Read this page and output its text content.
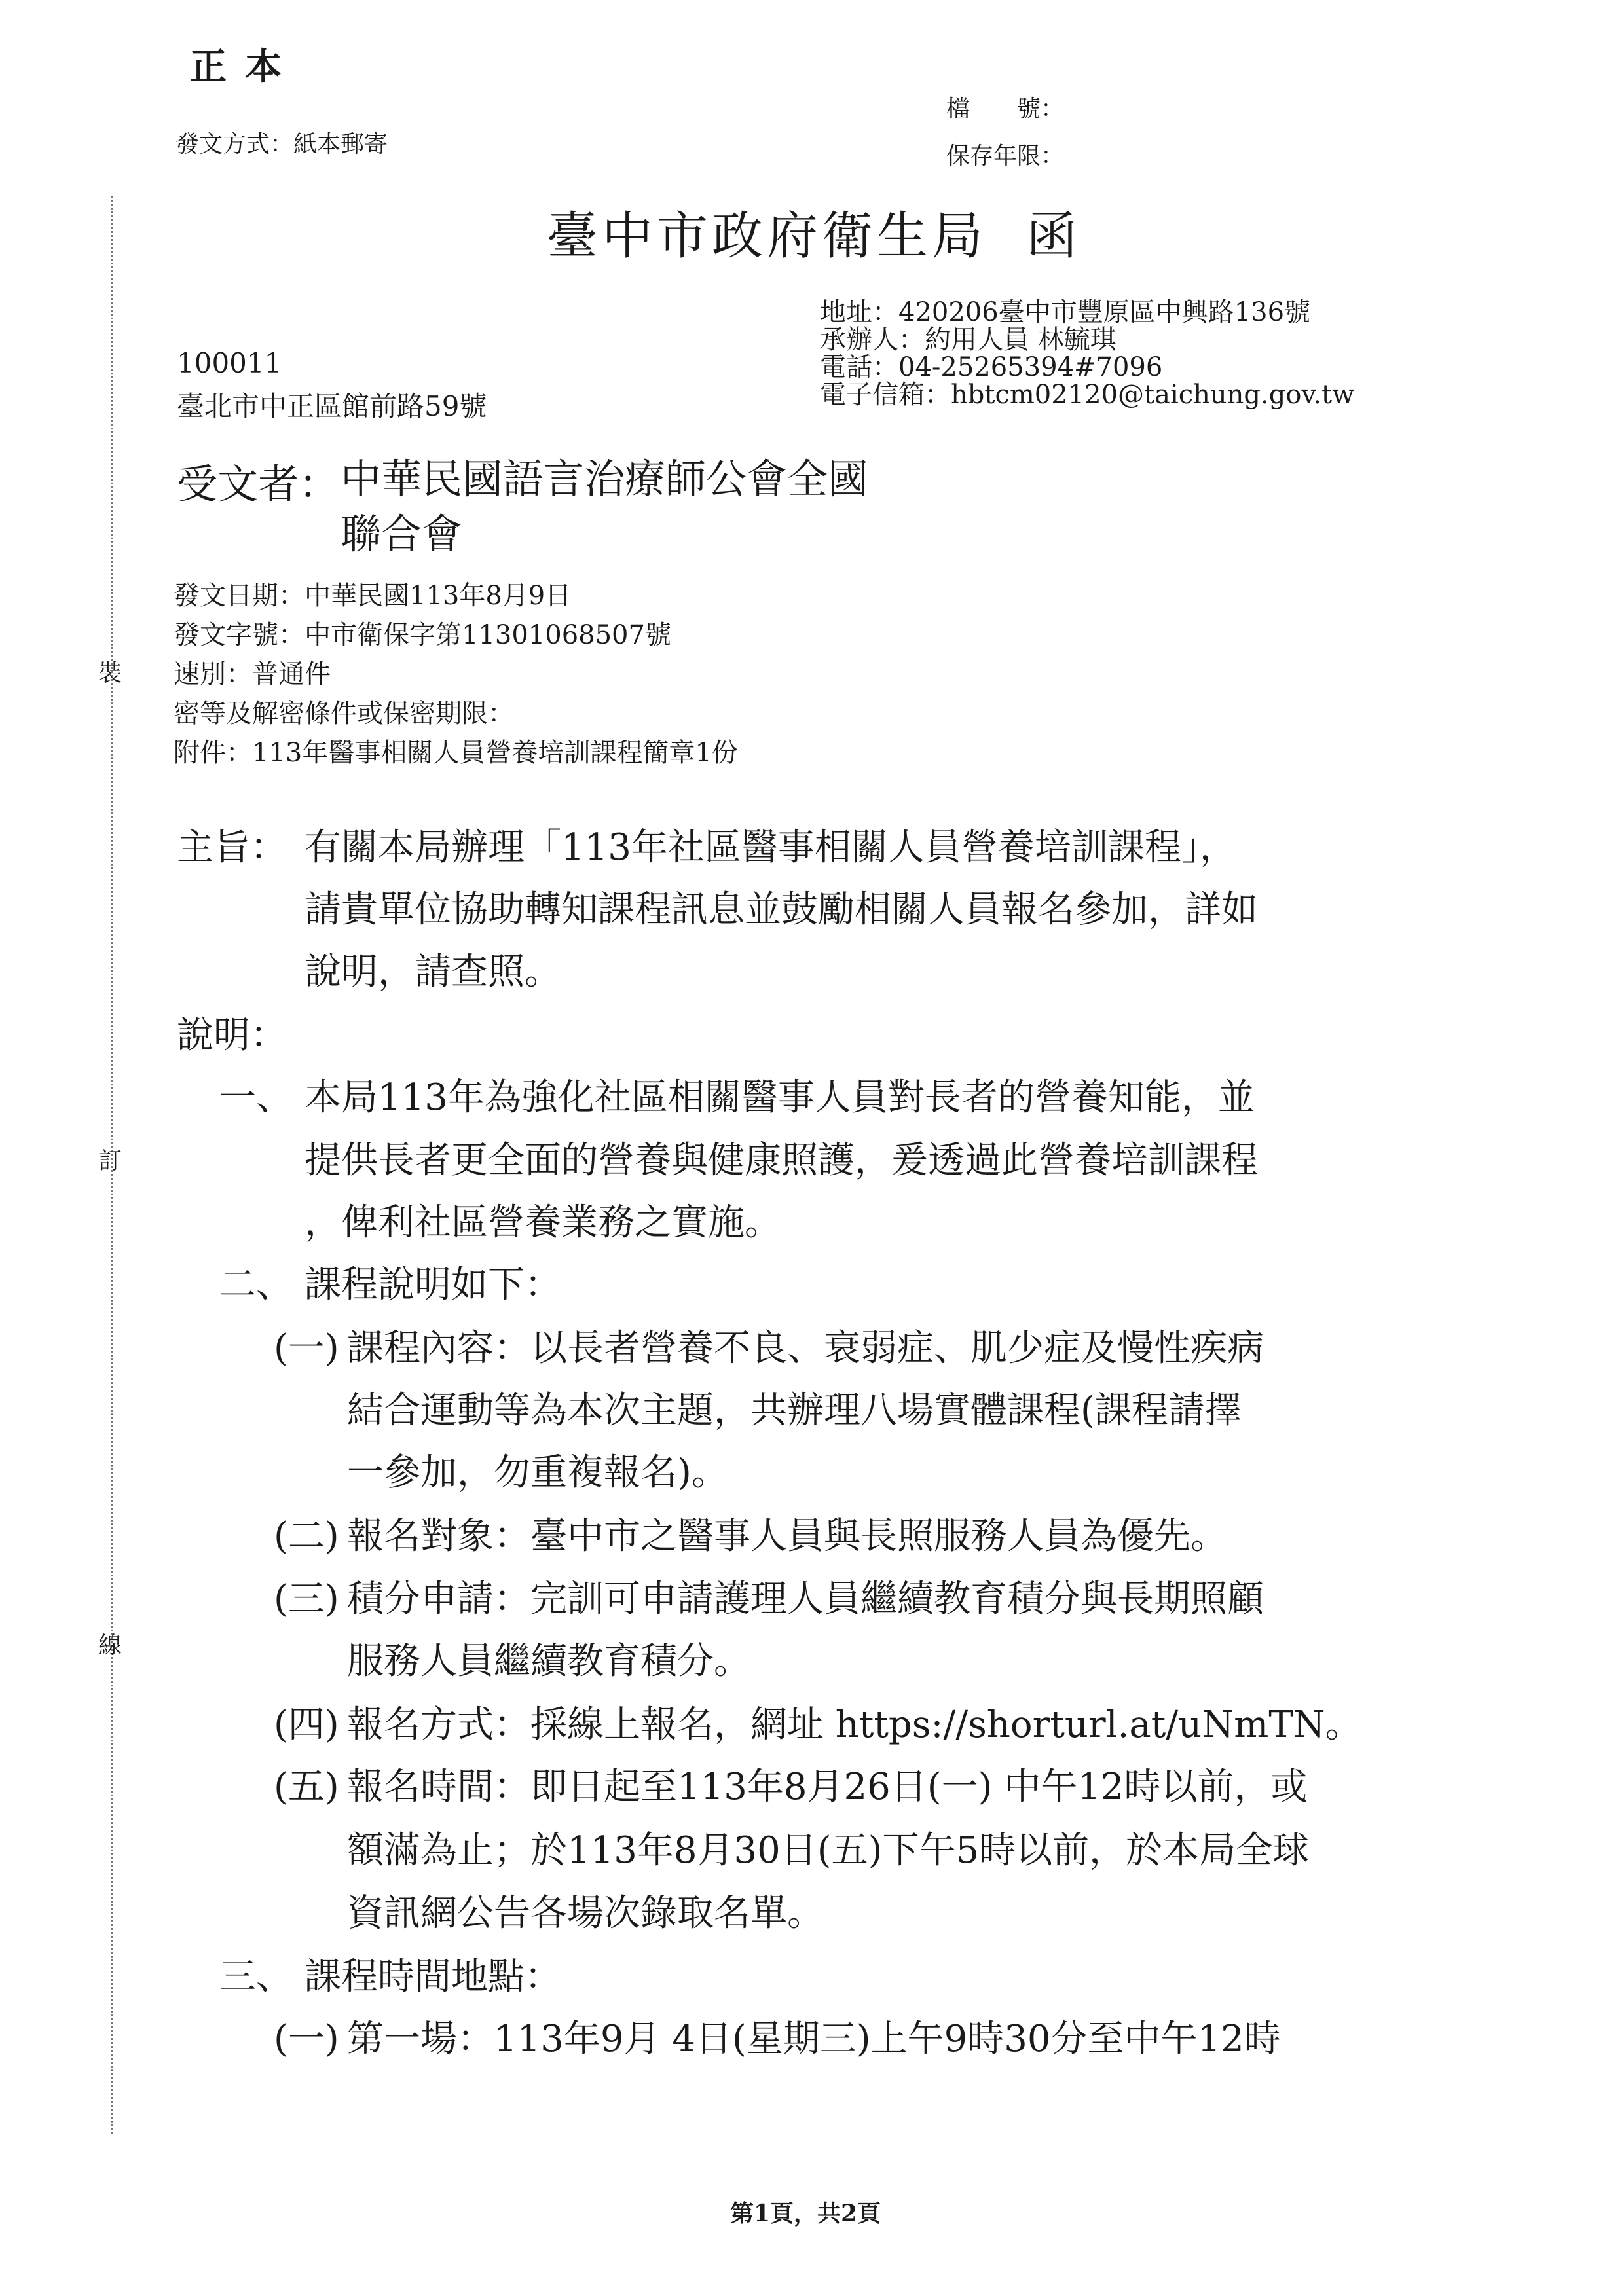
裝
訂
線
正本
發文方式：紙本郵寄
檔　　號：
保存年限：
臺中市政府衛生局 函
地址：420206臺中市豐原區中興路136號
承辦人：約用人員 林毓琪
電話：04-25265394#7096
電子信箱：hbtcm02120@taichung.gov.tw
100011
臺北市中正區館前路59號
受文者： 中華民國語言治療師公會全國聯合會
發文日期：中華民國113年8月9日
發文字號：中市衛保字第11301068507號
速別：普通件
密等及解密條件或保密期限：
附件：113年醫事相關人員營養培訓課程簡章1份
主旨： 有關本局辦理「113年社區醫事相關人員營養培訓課程」，
請貴單位協助轉知課程訊息並鼓勵相關人員報名參加，詳如
說明，請查照。
說明：
一、 本局113年為強化社區相關醫事人員對長者的營養知能，並
提供長者更全面的營養與健康照護，爰透過此營養培訓課程
，俾利社區營養業務之實施。
二、 課程說明如下：
(一) 課程內容：以長者營養不良、衰弱症、肌少症及慢性疾病
結合運動等為本次主題，共辦理八場實體課程(課程請擇
一參加，勿重複報名)。
(二) 報名對象：臺中市之醫事人員與長照服務人員為優先。
(三) 積分申請：完訓可申請護理人員繼續教育積分與長期照顧
服務人員繼續教育積分。
(四) 報名方式：採線上報名，網址 https://shorturl.at/uNmTN。
(五) 報名時間：即日起至113年8月26日(一) 中午12時以前，或
額滿為止；於113年8月30日(五)下午5時以前，於本局全球
資訊網公告各場次錄取名單。
三、 課程時間地點：
(一) 第一場：113年9月 4日(星期三)上午9時30分至中午12時
第1頁，共2頁
